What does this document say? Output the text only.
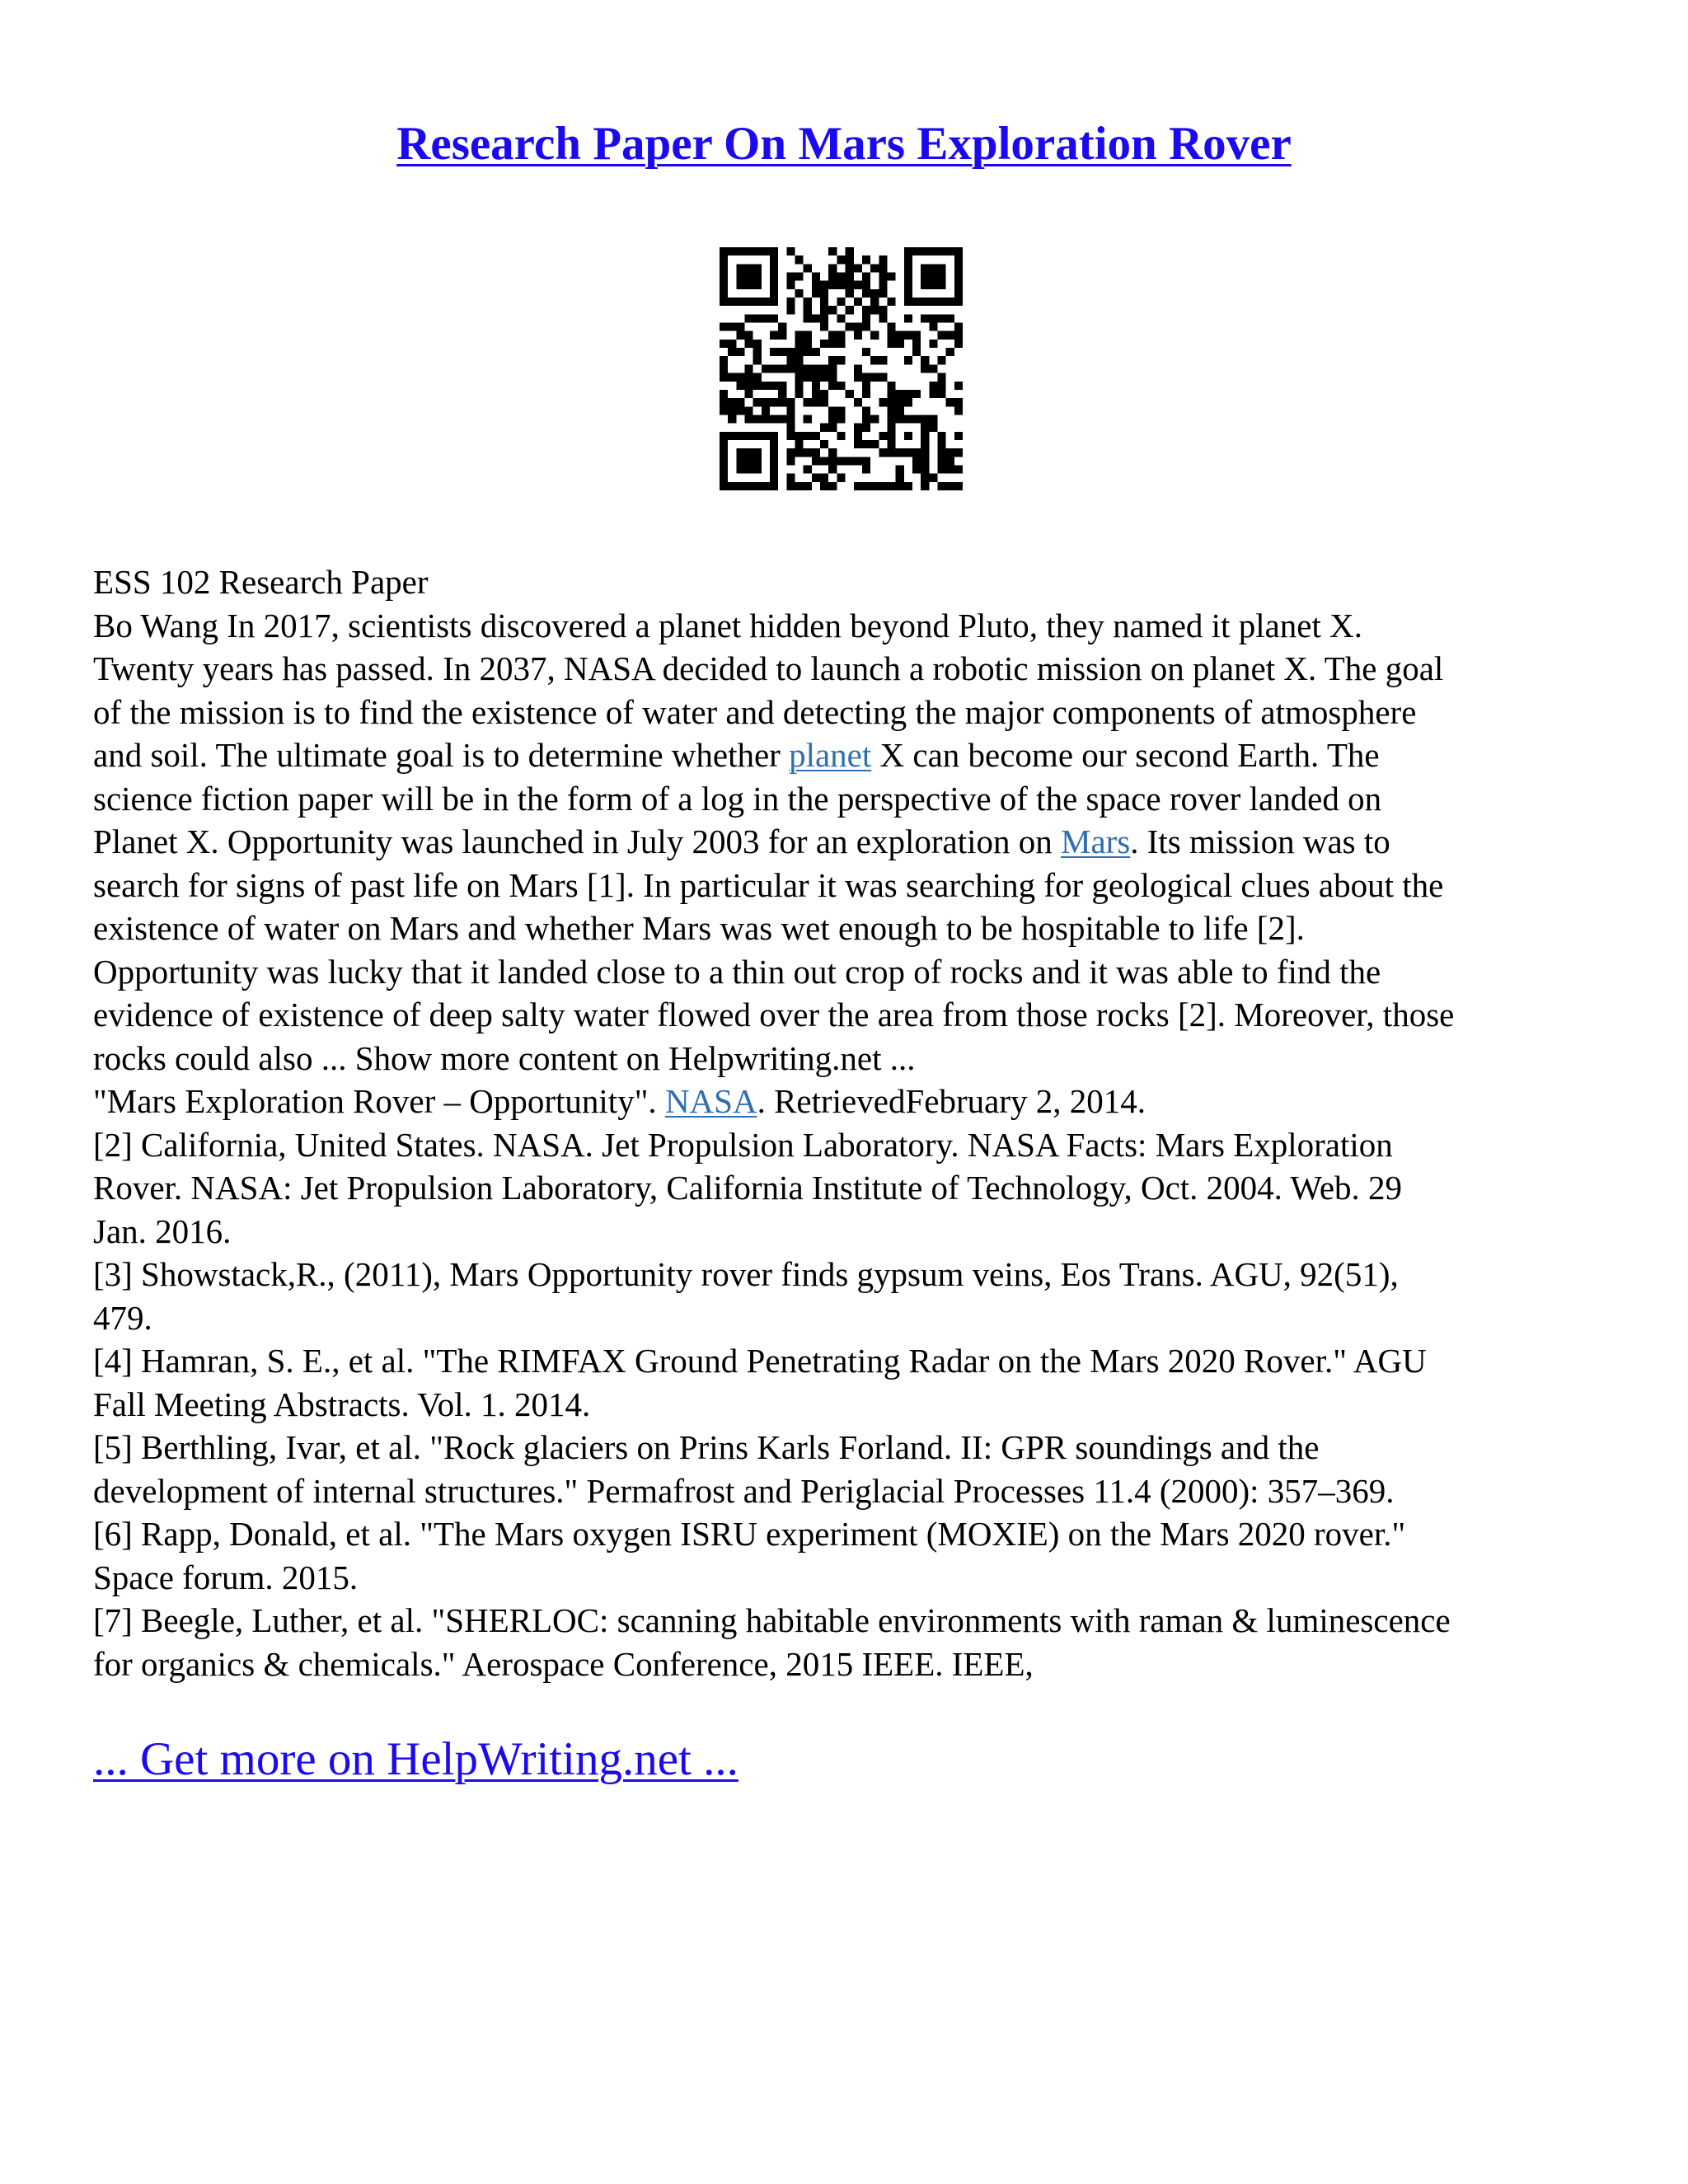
Research Paper On Mars Exploration Rover
ESS 102 Research Paper
Bo Wang In 2017, scientists discovered a planet hidden beyond Pluto, they named it planet X.
Twenty years has passed. In 2037, NASA decided to launch a robotic mission on planet X. The goal
of the mission is to find the existence of water and detecting the major components of atmosphere
and soil. The ultimate goal is to determine whether planet X can become our second Earth. The
science fiction paper will be in the form of a log in the perspective of the space rover landed on
Planet X. Opportunity was launched in July 2003 for an exploration on Mars. Its mission was to
search for signs of past life on Mars [1]. In particular it was searching for geological clues about the
existence of water on Mars and whether Mars was wet enough to be hospitable to life [2].
Opportunity was lucky that it landed close to a thin out crop of rocks and it was able to find the
evidence of existence of deep salty water flowed over the area from those rocks [2]. Moreover, those
rocks could also ... Show more content on Helpwriting.net ...
"Mars Exploration Rover – Opportunity". NASA. RetrievedFebruary 2, 2014.
[2] California, United States. NASA. Jet Propulsion Laboratory. NASA Facts: Mars Exploration
Rover. NASA: Jet Propulsion Laboratory, California Institute of Technology, Oct. 2004. Web. 29
Jan. 2016.
[3] Showstack,R., (2011), Mars Opportunity rover finds gypsum veins, Eos Trans. AGU, 92(51),
479.
[4] Hamran, S. E., et al. "The RIMFAX Ground Penetrating Radar on the Mars 2020 Rover." AGU
Fall Meeting Abstracts. Vol. 1. 2014.
[5] Berthling, Ivar, et al. "Rock glaciers on Prins Karls Forland. II: GPR soundings and the
development of internal structures." Permafrost and Periglacial Processes 11.4 (2000): 357–369.
[6] Rapp, Donald, et al. "The Mars oxygen ISRU experiment (MOXIE) on the Mars 2020 rover."
Space forum. 2015.
[7] Beegle, Luther, et al. "SHERLOC: scanning habitable environments with raman & luminescence
for organics & chemicals." Aerospace Conference, 2015 IEEE. IEEE,
... Get more on HelpWriting.net ...
